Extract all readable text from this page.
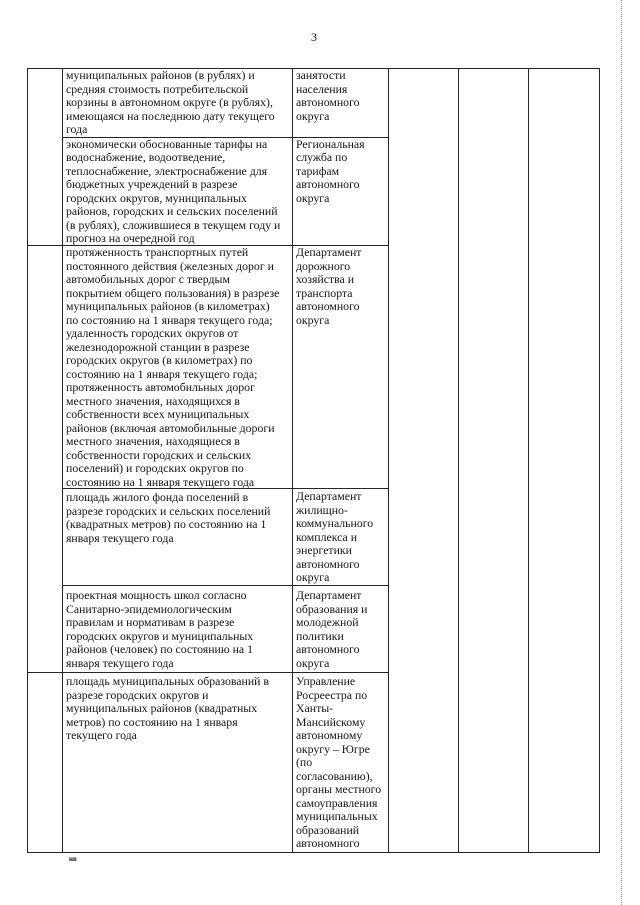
3
муниципальных районов (в рублях) и
средняя стоимость потребительской
корзины в автономном округе (в рублях),
имеющаяся на последнюю дату текущего
года
занятости
населения
автономного
округа
экономически обоснованные тарифы на
водоснабжение, водоотведение,
теплоснабжение, электроснабжение для
бюджетных учреждений в разрезе
городских округов, муниципальных
районов, городских и сельских поселений
(в рублях), сложившиеся в текущем году и
прогноз на очередной год
Региональная
служба по
тарифам
автономного
округа
протяженность транспортных путей
постоянного действия (железных дорог и
автомобильных дорог с твердым
покрытием общего пользования) в разрезе
муниципальных районов (в километрах)
по состоянию на 1 января текущего года;
удаленность городских округов от
железнодорожной станции в разрезе
городских округов (в километрах) по
состоянию на 1 января текущего года;
протяженность автомобильных дорог
местного значения, находящихся в
собственности всех муниципальных
районов (включая автомобильные дороги
местного значения, находящиеся в
собственности городских и сельских
поселений) и городских округов по
состоянию на 1 января текущего года
Департамент
дорожного
хозяйства и
транспорта
автономного
округа
площадь жилого фонда поселений в
разрезе городских и сельских поселений
(квадратных метров) по состоянию на 1
января текущего года
Департамент
жилищно-
коммунального
комплекса и
энергетики
автономного
округа
проектная мощность школ согласно
Санитарно-эпидемиологическим
правилам и нормативам в разрезе
городских округов и муниципальных
районов (человек) по состоянию на 1
января текущего года
Департамент
образования и
молодежной
политики
автономного
округа
площадь муниципальных образований в
разрезе городских округов и
муниципальных районов (квадратных
метров) по состоянию на 1 января
текущего года
Управление
Росреестра по
Ханты-
Мансийскому
автономному
округу – Югре
(по
согласованию),
органы местного
самоуправления
муниципальных
образований
автономного
нв
